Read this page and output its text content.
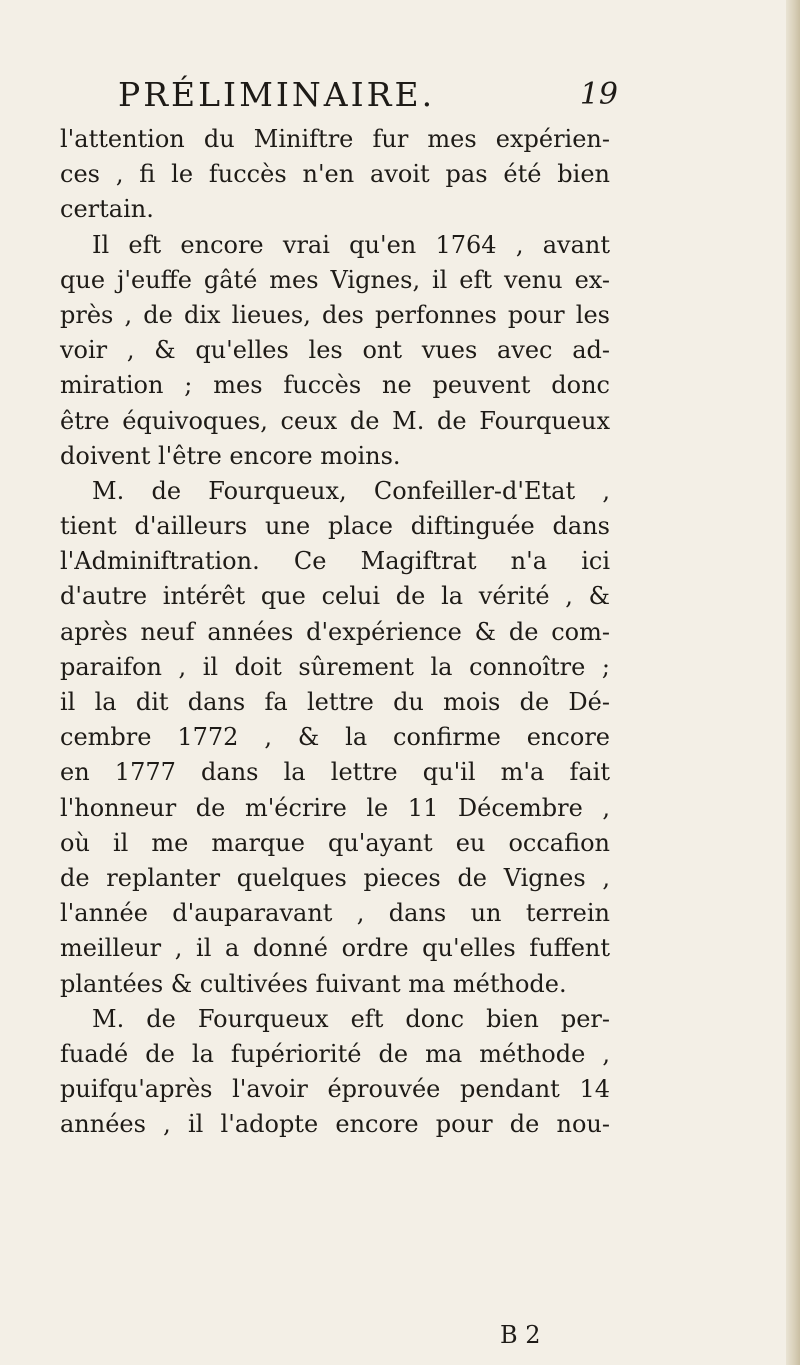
PRÉLIMINAIRE.	19
l'attention du Miniftre fur mes expérien-
ces , fi le fuccès n'en avoit pas été bien
certain.
Il eft encore vrai qu'en 1764 , avant
que j'euffe gâté mes Vignes, il eft venu ex-
près , de dix lieues, des perfonnes pour les
voir , & qu'elles les ont vues avec ad-
miration ; mes fuccès ne peuvent donc
être équivoques, ceux de M. de Fourqueux
doivent l'être encore moins.
M. de Fourqueux, Confeiller-d'Etat ,
tient d'ailleurs une place diftinguée dans
l'Adminiftration. Ce Magiftrat n'a ici
d'autre intérêt que celui de la vérité , &
après neuf années d'expérience & de com-
paraifon , il doit sûrement la connoître ;
il la dit dans fa lettre du mois de Dé-
cembre 1772 , & la confirme encore
en 1777 dans la lettre qu'il m'a fait
l'honneur de m'écrire le 11 Décembre ,
où il me marque qu'ayant eu occafion
de replanter quelques pieces de Vignes ,
l'année d'auparavant , dans un terrein
meilleur , il a donné ordre qu'elles fuffent
plantées & cultivées fuivant ma méthode.
M. de Fourqueux eft donc bien per-
fuadé de la fupériorité de ma méthode ,
puifqu'après l'avoir éprouvée pendant 14
années , il l'adopte encore pour de nou-
B 2
